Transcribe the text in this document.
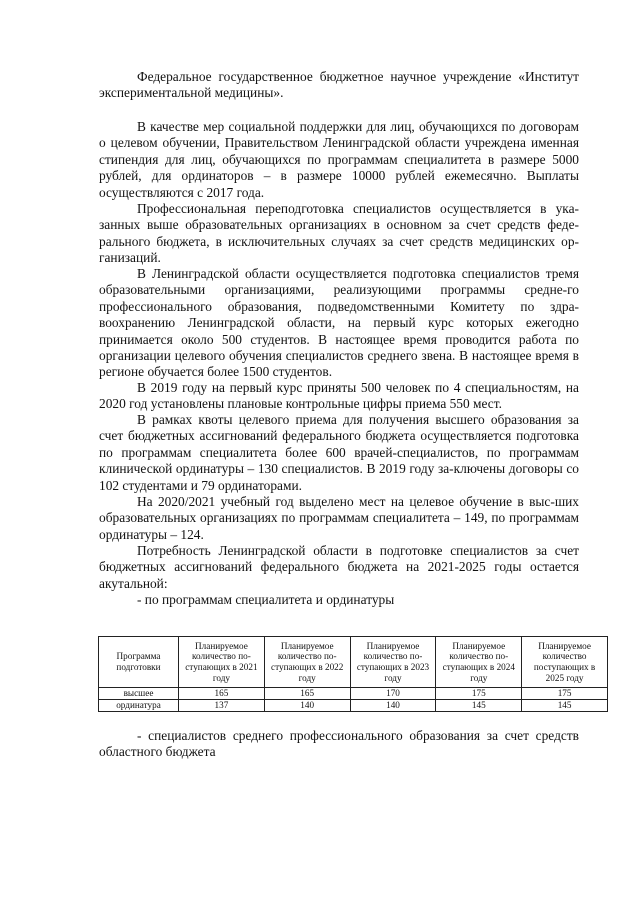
Федеральное государственное бюджетное научное учреждение «Институт экспериментальной медицины».

В качестве мер социальной поддержки для лиц, обучающихся по договорам о целевом обучении, Правительством Ленинградской области учреждена именная стипендия для лиц, обучающихся по программам специалитета в размере 5000 рублей, для ординаторов – в размере 10000 рублей ежемесячно. Выплаты осуществляются с 2017 года.

Профессиональная переподготовка специалистов осуществляется в ука-занных выше образовательных организациях в основном за счет средств феде-рального бюджета, в исключительных случаях за счет средств медицинских ор-ганизаций.

В Ленинградской области осуществляется подготовка специалистов тремя образовательными организациями, реализующими программы средне-го профессионального образования, подведомственными Комитету по здра-воохранению Ленинградской области, на первый курс которых ежегодно принимается около 500 студентов. В настоящее время проводится работа по организации целевого обучения специалистов среднего звена. В настоящее время в регионе обучается более 1500 студентов.

В 2019 году на первый курс приняты 500 человек по 4 специальностям, на 2020 год установлены плановые контрольные цифры приема 550 мест.

В рамках квоты целевого приема для получения высшего образования за счет бюджетных ассигнований федерального бюджета осуществляется подготовка по программам специалитета более 600 врачей-специалистов, по программам клинической ординатуры – 130 специалистов. В 2019 году за-ключены договоры со 102 студентами и 79 ординаторами.

На 2020/2021 учебный год выделено мест на целевое обучение в выс-ших образовательных организациях по программам специалитета – 149, по программам ординатуры – 124.

Потребность Ленинградской области в подготовке специалистов за счет бюджетных ассигнований федерального бюджета на 2021-2025 годы остается акутальной:

- по программам специалитета и ординатуры

Программа подготовки	Планируемое количество по-ступающих в 2021 году	Планируемое количество по-ступающих в 2022 году	Планируемое количество по-ступающих в 2023 году	Планируемое количество по-ступающих в 2024 году	Планируемое количество поступающих в 2025 году
высшее	165	165	170	175	175
ординатура	137	140	140	145	145

- специалистов среднего профессионального образования за счет средств областного бюджета
